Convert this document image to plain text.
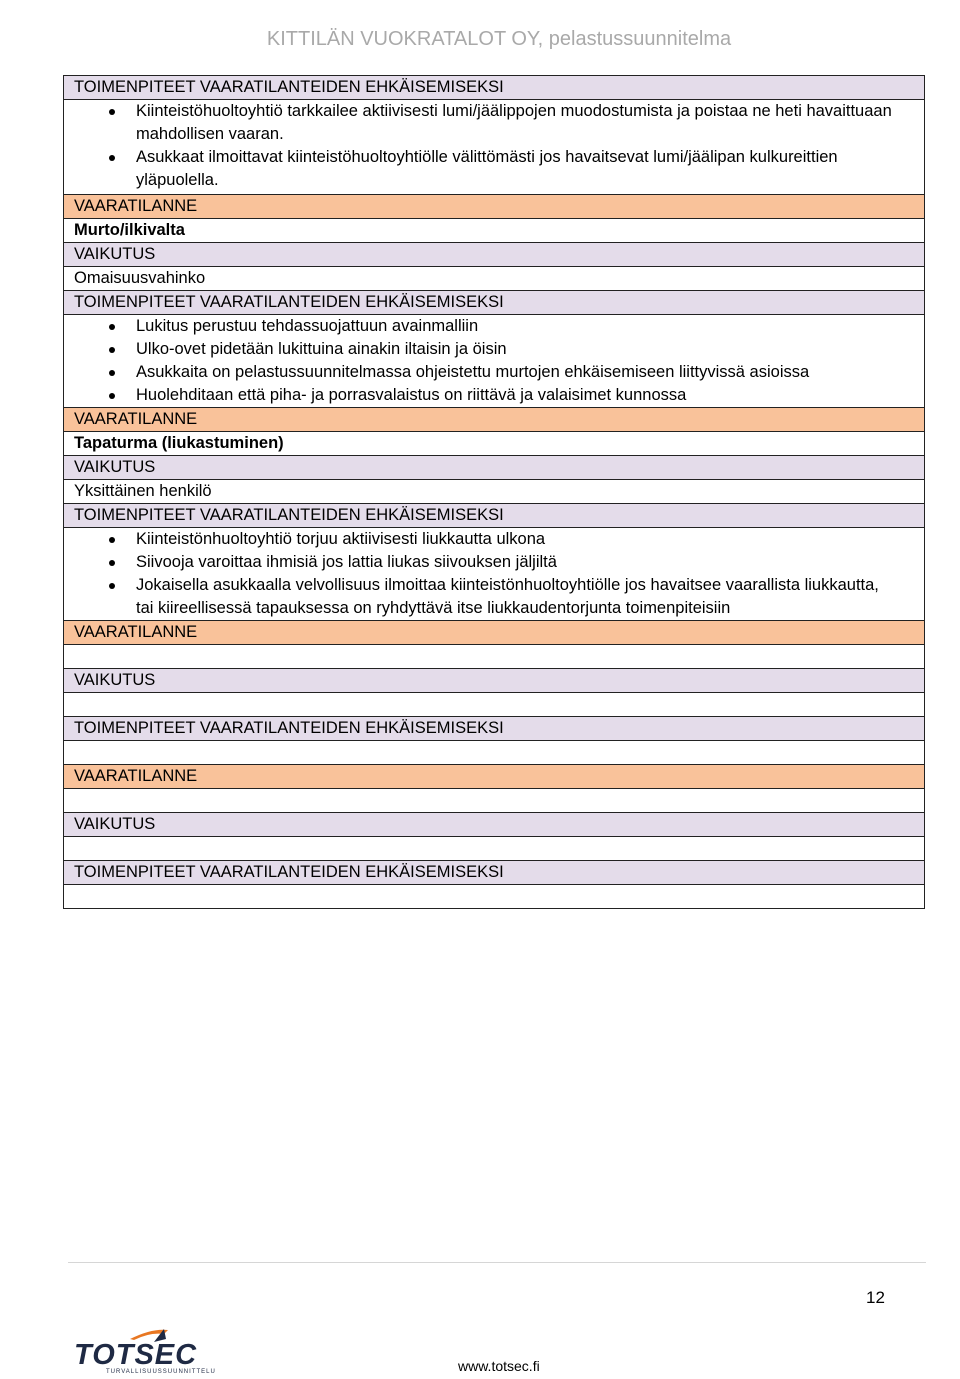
KITTILÄN VUOKRATALOT OY, pelastussuunnitelma
TOIMENPITEET VAARATILANTEIDEN EHKÄISEMISEKSI

Kiinteistöhuoltoyhtiö tarkkailee aktiivisesti lumi/jäälippojen muodostumista ja poistaa ne heti havaittuaan mahdollisen vaaran.
Asukkaat ilmoittavat kiinteistöhuoltoyhtiölle välittömästi jos havaitsevat lumi/jäälipan kulkureittien yläpuolella.

VAARATILANNE
Murto/ilkivalta
VAIKUTUS
Omaisuusvahinko
TOIMENPITEET VAARATILANTEIDEN EHKÄISEMISEKSI

Lukitus perustuu tehdassuojattuun avainmalliin
Ulko-ovet pidetään lukittuina ainakin iltaisin ja öisin
Asukkaita on pelastussuunnitelmassa ohjeistettu murtojen ehkäisemiseen liittyvissä asioissa
Huolehditaan että piha- ja porrasvalaistus on riittävä ja valaisimet kunnossa

VAARATILANNE
Tapaturma (liukastuminen)
VAIKUTUS
Yksittäinen henkilö
TOIMENPITEET VAARATILANTEIDEN EHKÄISEMISEKSI

Kiinteistönhuoltoyhtiö torjuu aktiivisesti liukkautta ulkona
Siivooja varoittaa ihmisiä jos lattia liukas siivouksen jäljiltä
Jokaisella asukkaalla velvollisuus ilmoittaa kiinteistönhuoltoyhtiölle jos havaitsee vaarallista liukkautta, tai kiireellisessä tapauksessa on ryhdyttävä itse liukkaudentorjunta toimenpiteisiin

VAARATILANNE

VAIKUTUS

TOIMENPITEET VAARATILANTEIDEN EHKÄISEMISEKSI

VAARATILANNE

VAIKUTUS

TOIMENPITEET VAARATILANTEIDEN EHKÄISEMISEKSI

12
TOTSEC
TURVALLISUUSSUUNNITTELU	www.totsec.fi
